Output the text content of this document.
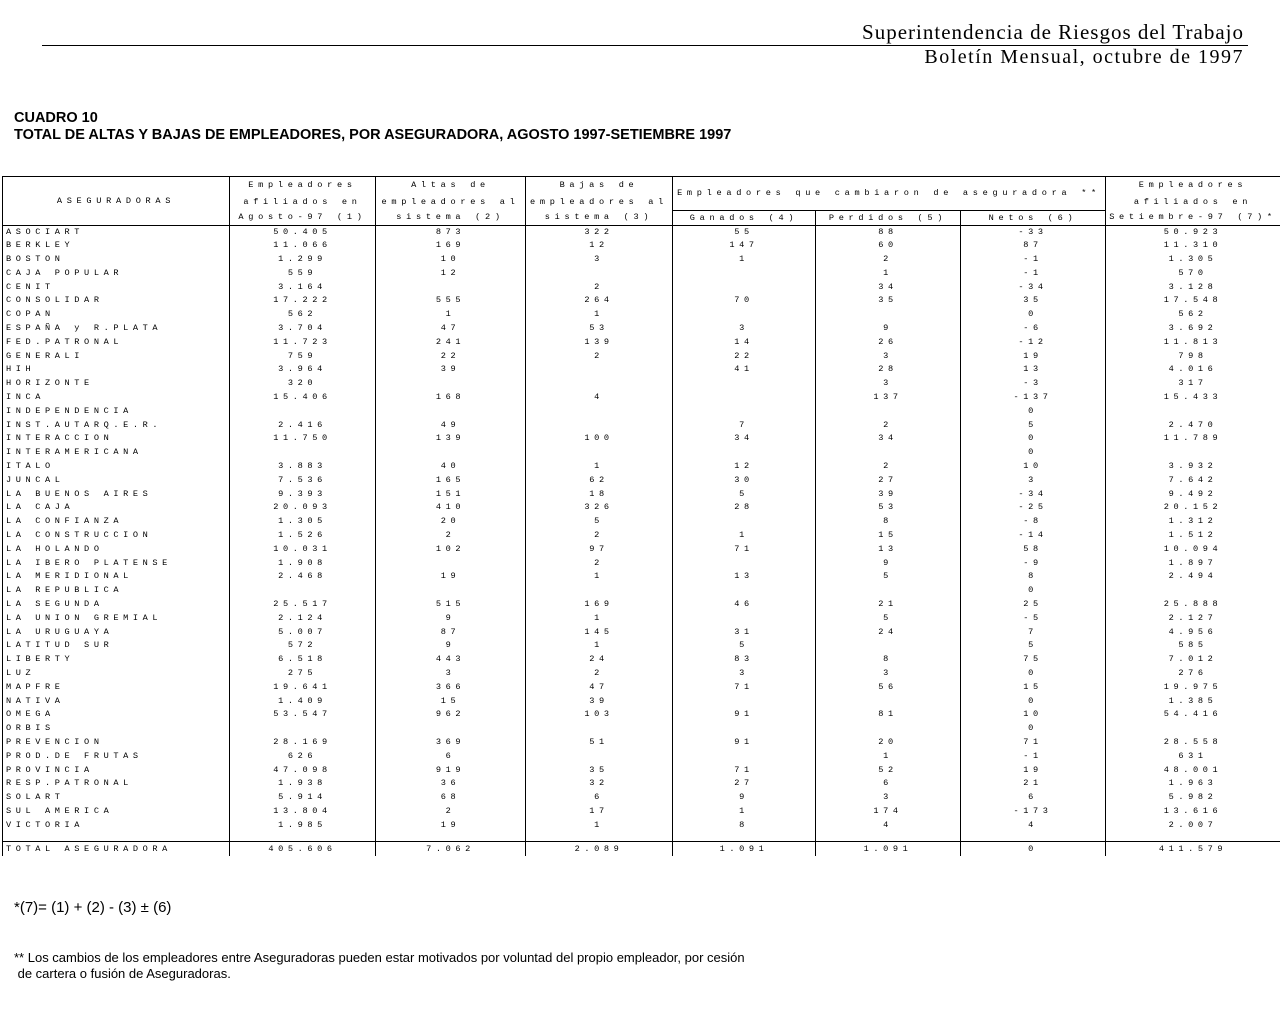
Superintendencia de Riesgos del Trabajo
Boletín Mensual, octubre de 1997
CUADRO 10
TOTAL DE ALTAS Y BAJAS DE EMPLEADORES, POR ASEGURADORA, AGOSTO 1997-SETIEMBRE 1997
ASEGURADORAS	Empleadores	Altas de	Bajas de	Empleadores que cambiaron de aseguradora **			Empleadores
	afiliados en	empleadores al	empleadores al				afiliados en
	Agosto-97 (1)	sistema (2)	sistema (3)	Ganados (4)	Perdidos (5)	Netos (6)	Setiembre-97 (7)*
ASOCIART	50.405	873	322	55	88	-33	50.923
BERKLEY	11.066	169	12	147	60	87	11.310
BOSTON	1.299	10	3	1	2	-1	1.305
CAJA POPULAR	559	12			1	-1	570
CENIT	3.164		2		34	-34	3.128
CONSOLIDAR	17.222	555	264	70	35	35	17.548
COPAN	562	1	1			0	562
ESPAÑA y R.PLATA	3.704	47	53	3	9	-6	3.692
FED.PATRONAL	11.723	241	139	14	26	-12	11.813
GENERALI	759	22	2	22	3	19	798
HIH	3.964	39		41	28	13	4.016
HORIZONTE	320				3	-3	317
INCA	15.406	168	4		137	-137	15.433
INDEPENDENCIA						0	
INST.AUTARQ.E.R.	2.416	49		7	2	5	2.470
INTERACCION	11.750	139	100	34	34	0	11.789
INTERAMERICANA						0	
ITALO	3.883	40	1	12	2	10	3.932
JUNCAL	7.536	165	62	30	27	3	7.642
LA BUENOS AIRES	9.393	151	18	5	39	-34	9.492
LA CAJA	20.093	410	326	28	53	-25	20.152
LA CONFIANZA	1.305	20	5		8	-8	1.312
LA CONSTRUCCION	1.526	2	2	1	15	-14	1.512
LA HOLANDO	10.031	102	97	71	13	58	10.094
LA IBERO PLATENSE	1.908		2		9	-9	1.897
LA MERIDIONAL	2.468	19	1	13	5	8	2.494
LA REPUBLICA						0	
LA SEGUNDA	25.517	515	169	46	21	25	25.888
LA UNION GREMIAL	2.124	9	1		5	-5	2.127
LA URUGUAYA	5.007	87	145	31	24	7	4.956
LATITUD SUR	572	9	1	5		5	585
LIBERTY	6.518	443	24	83	8	75	7.012
LUZ	275	3	2	3	3	0	276
MAPFRE	19.641	366	47	71	56	15	19.975
NATIVA	1.409	15	39			0	1.385
OMEGA	53.547	962	103	91	81	10	54.416
ORBIS						0	
PREVENCION	28.169	369	51	91	20	71	28.558
PROD.DE FRUTAS	626	6			1	-1	631
PROVINCIA	47.098	919	35	71	52	19	48.001
RESP.PATRONAL	1.938	36	32	27	6	21	1.963
SOLART	5.914	68	6	9	3	6	5.982
SUL AMERICA	13.804	2	17	1	174	-173	13.616
VICTORIA	1.985	19	1	8	4	4	2.007

TOTAL ASEGURADORA	405.606	7.062	2.089	1.091	1.091	0	411.579
*(7)= (1) + (2) - (3) ± (6)
** Los cambios de los empleadores entre Aseguradoras pueden estar motivados por voluntad del propio empleador, por cesión
de cartera o fusión de Aseguradoras.
